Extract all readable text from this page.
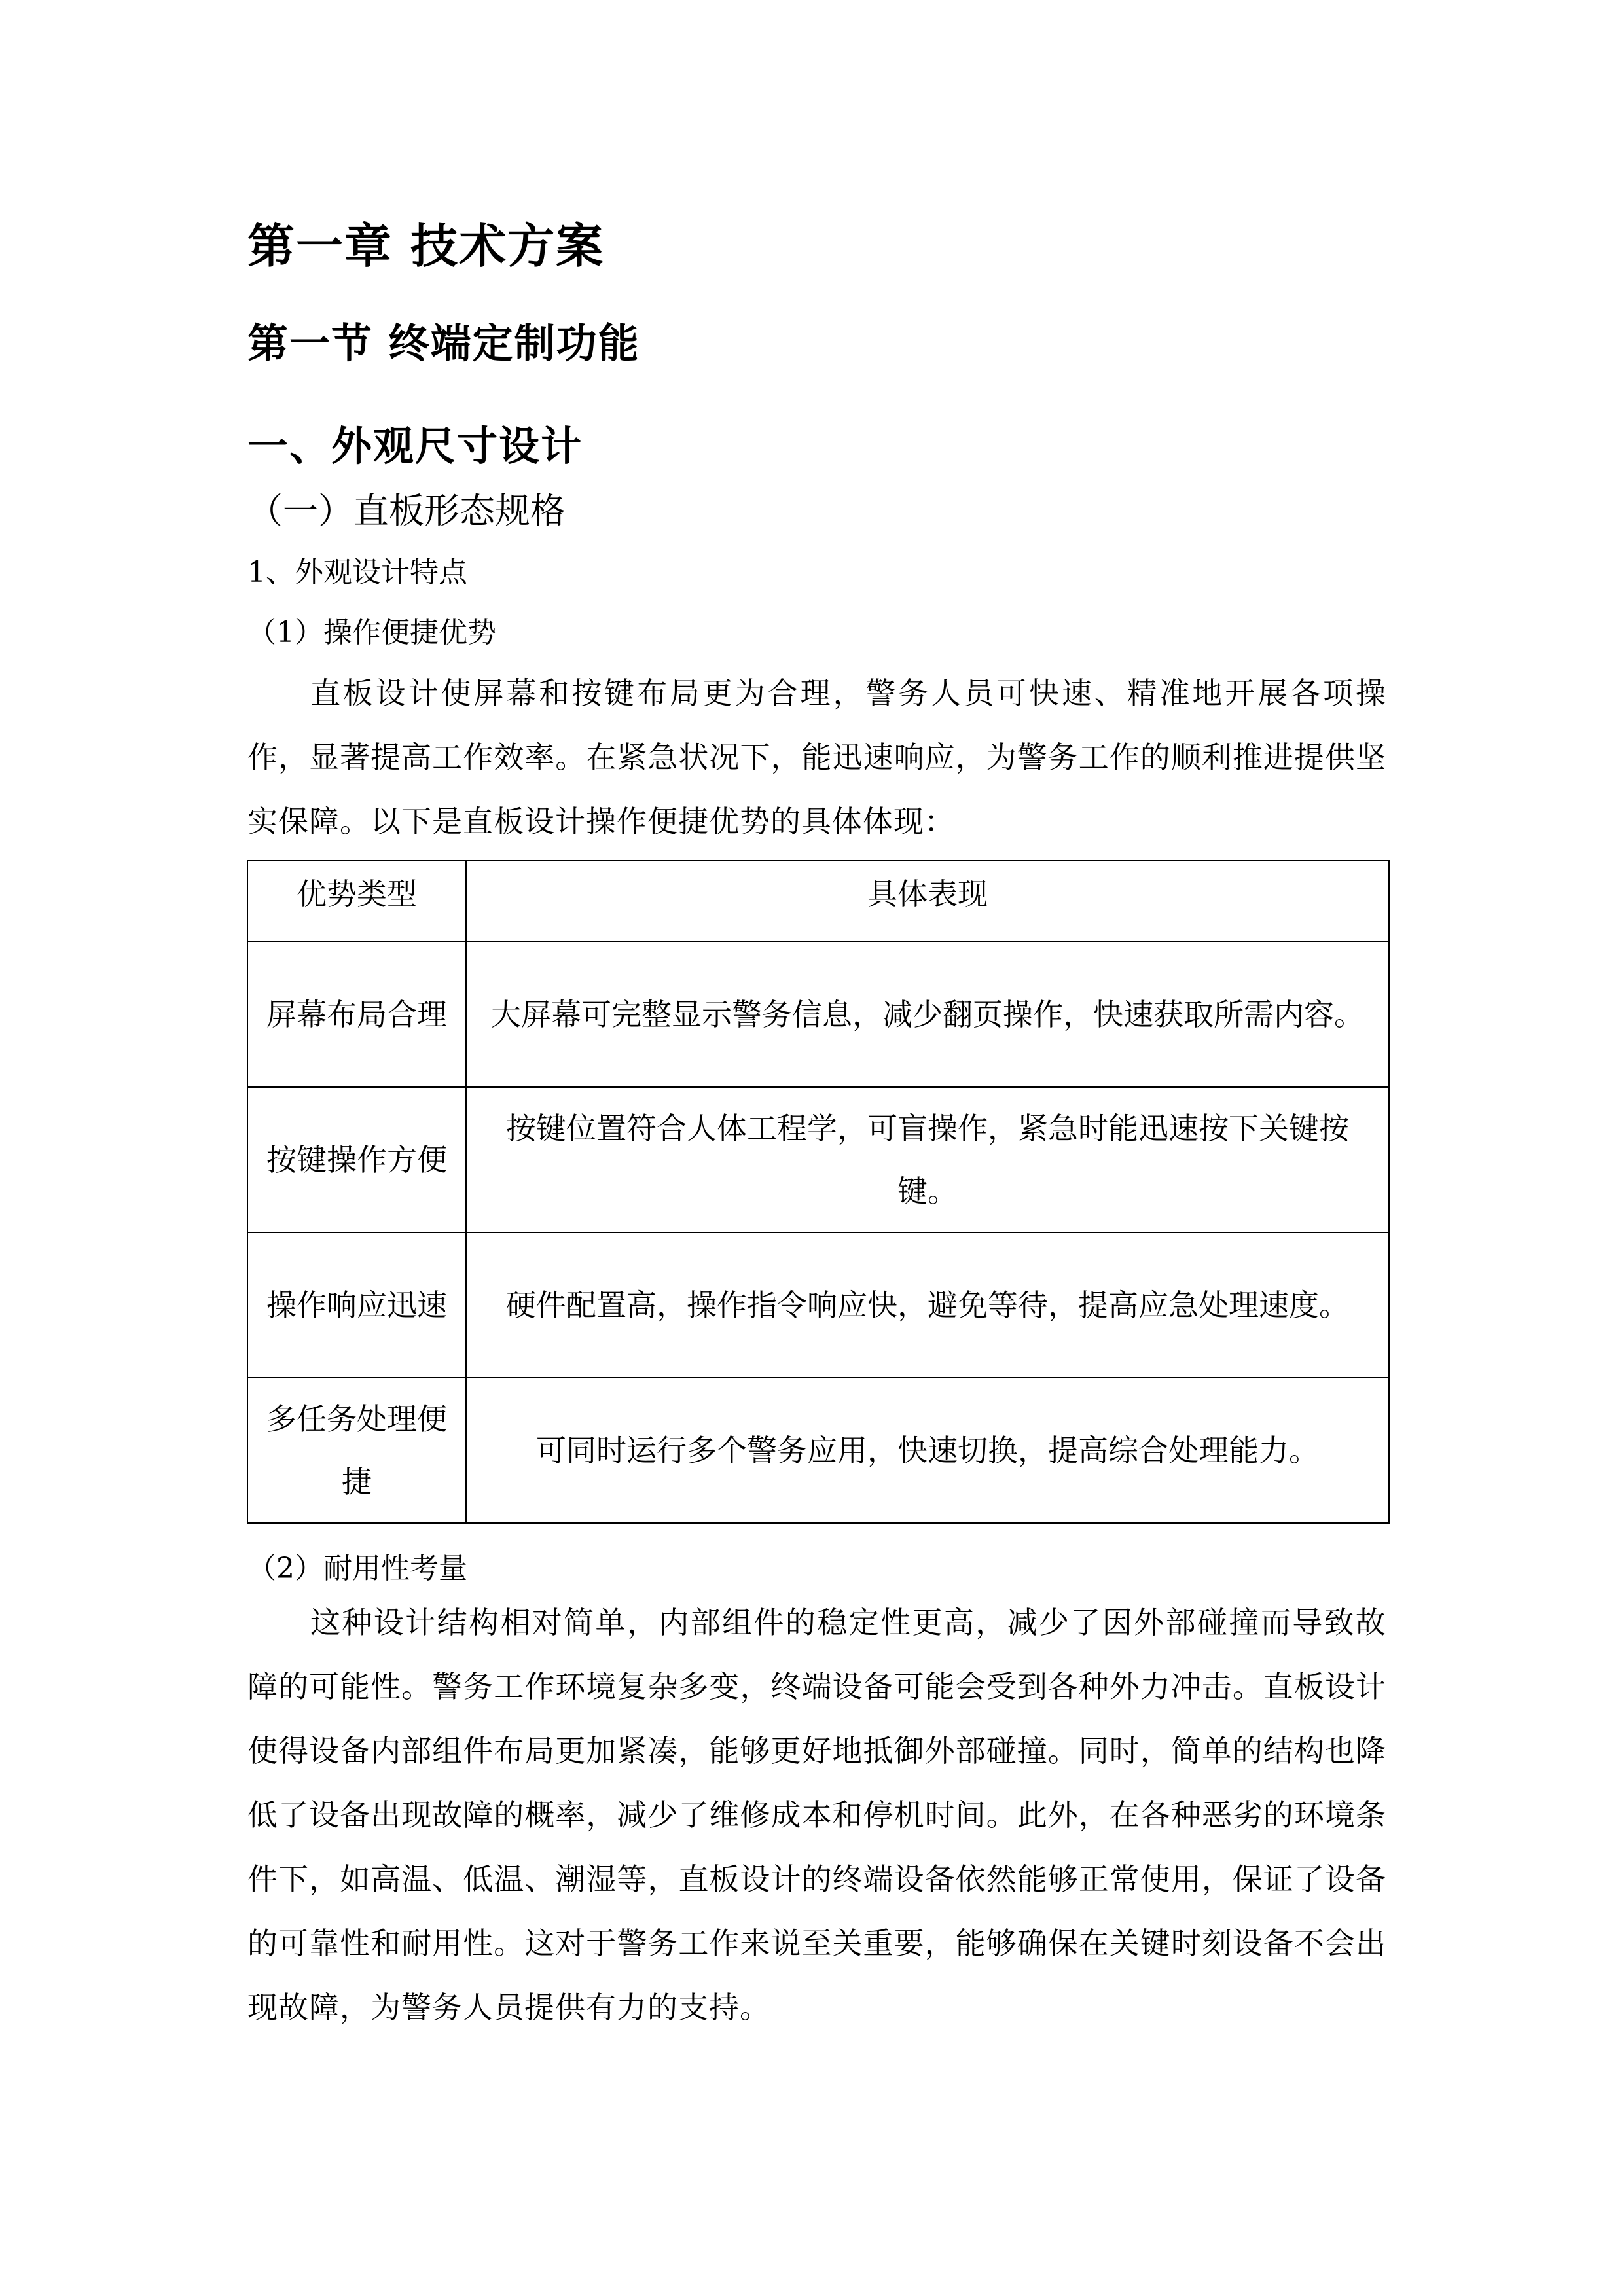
第一章 技术方案
第一节 终端定制功能
一、外观尺寸设计
（一）直板形态规格
1、外观设计特点
（1）操作便捷优势
直板设计使屏幕和按键布局更为合理，警务人员可快速、精准地开展各项操作，显著提高工作效率。在紧急状况下，能迅速响应，为警务工作的顺利推进提供坚实保障。以下是直板设计操作便捷优势的具体体现：
优势类型	具体表现
屏幕布局合理	大屏幕可完整显示警务信息，减少翻页操作，快速获取所需内容。
按键操作方便	按键位置符合人体工程学，可盲操作，紧急时能迅速按下关键按键。
操作响应迅速	硬件配置高，操作指令响应快，避免等待，提高应急处理速度。
多任务处理便捷	可同时运行多个警务应用，快速切换，提高综合处理能力。
（2）耐用性考量
这种设计结构相对简单，内部组件的稳定性更高，减少了因外部碰撞而导致故障的可能性。警务工作环境复杂多变，终端设备可能会受到各种外力冲击。直板设计使得设备内部组件布局更加紧凑，能够更好地抵御外部碰撞。同时，简单的结构也降低了设备出现故障的概率，减少了维修成本和停机时间。此外，在各种恶劣的环境条件下，如高温、低温、潮湿等，直板设计的终端设备依然能够正常使用，保证了设备的可靠性和耐用性。这对于警务工作来说至关重要，能够确保在关键时刻设备不会出现故障，为警务人员提供有力的支持。
